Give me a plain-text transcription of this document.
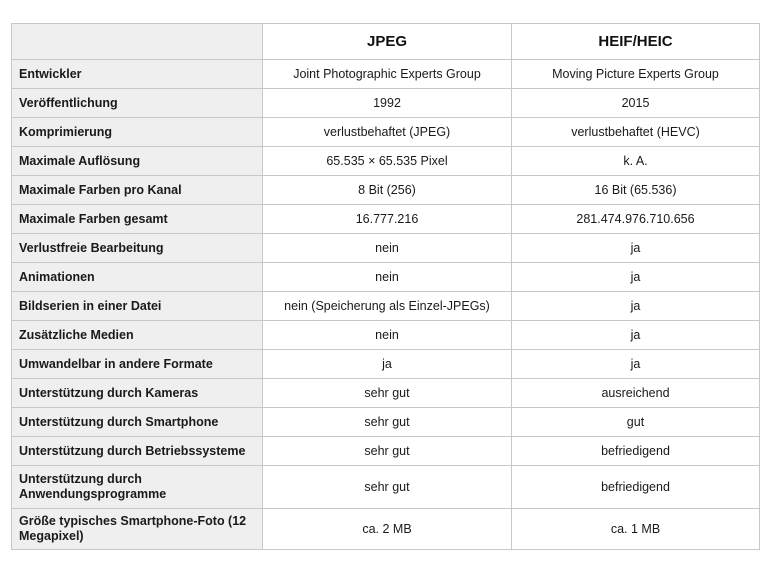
	JPEG	HEIF/HEIC
Entwickler	Joint Photographic Experts Group	Moving Picture Experts Group
Veröffentlichung	1992	2015
Komprimierung	verlustbehaftet (JPEG)	verlustbehaftet (HEVC)
Maximale Auflösung	65.535 × 65.535 Pixel	k. A.
Maximale Farben pro Kanal	8 Bit (256)	16 Bit (65.536)
Maximale Farben gesamt	16.777.216	281.474.976.710.656
Verlustfreie Bearbeitung	nein	ja
Animationen	nein	ja
Bildserien in einer Datei	nein (Speicherung als Einzel-JPEGs)	ja
Zusätzliche Medien	nein	ja
Umwandelbar in andere Formate	ja	ja
Unterstützung durch Kameras	sehr gut	ausreichend
Unterstützung durch Smartphone	sehr gut	gut
Unterstützung durch Betriebssysteme	sehr gut	befriedigend
Unterstützung durch Anwendungsprogramme	sehr gut	befriedigend
Größe typisches Smartphone-Foto (12 Megapixel)	ca. 2 MB	ca. 1 MB
